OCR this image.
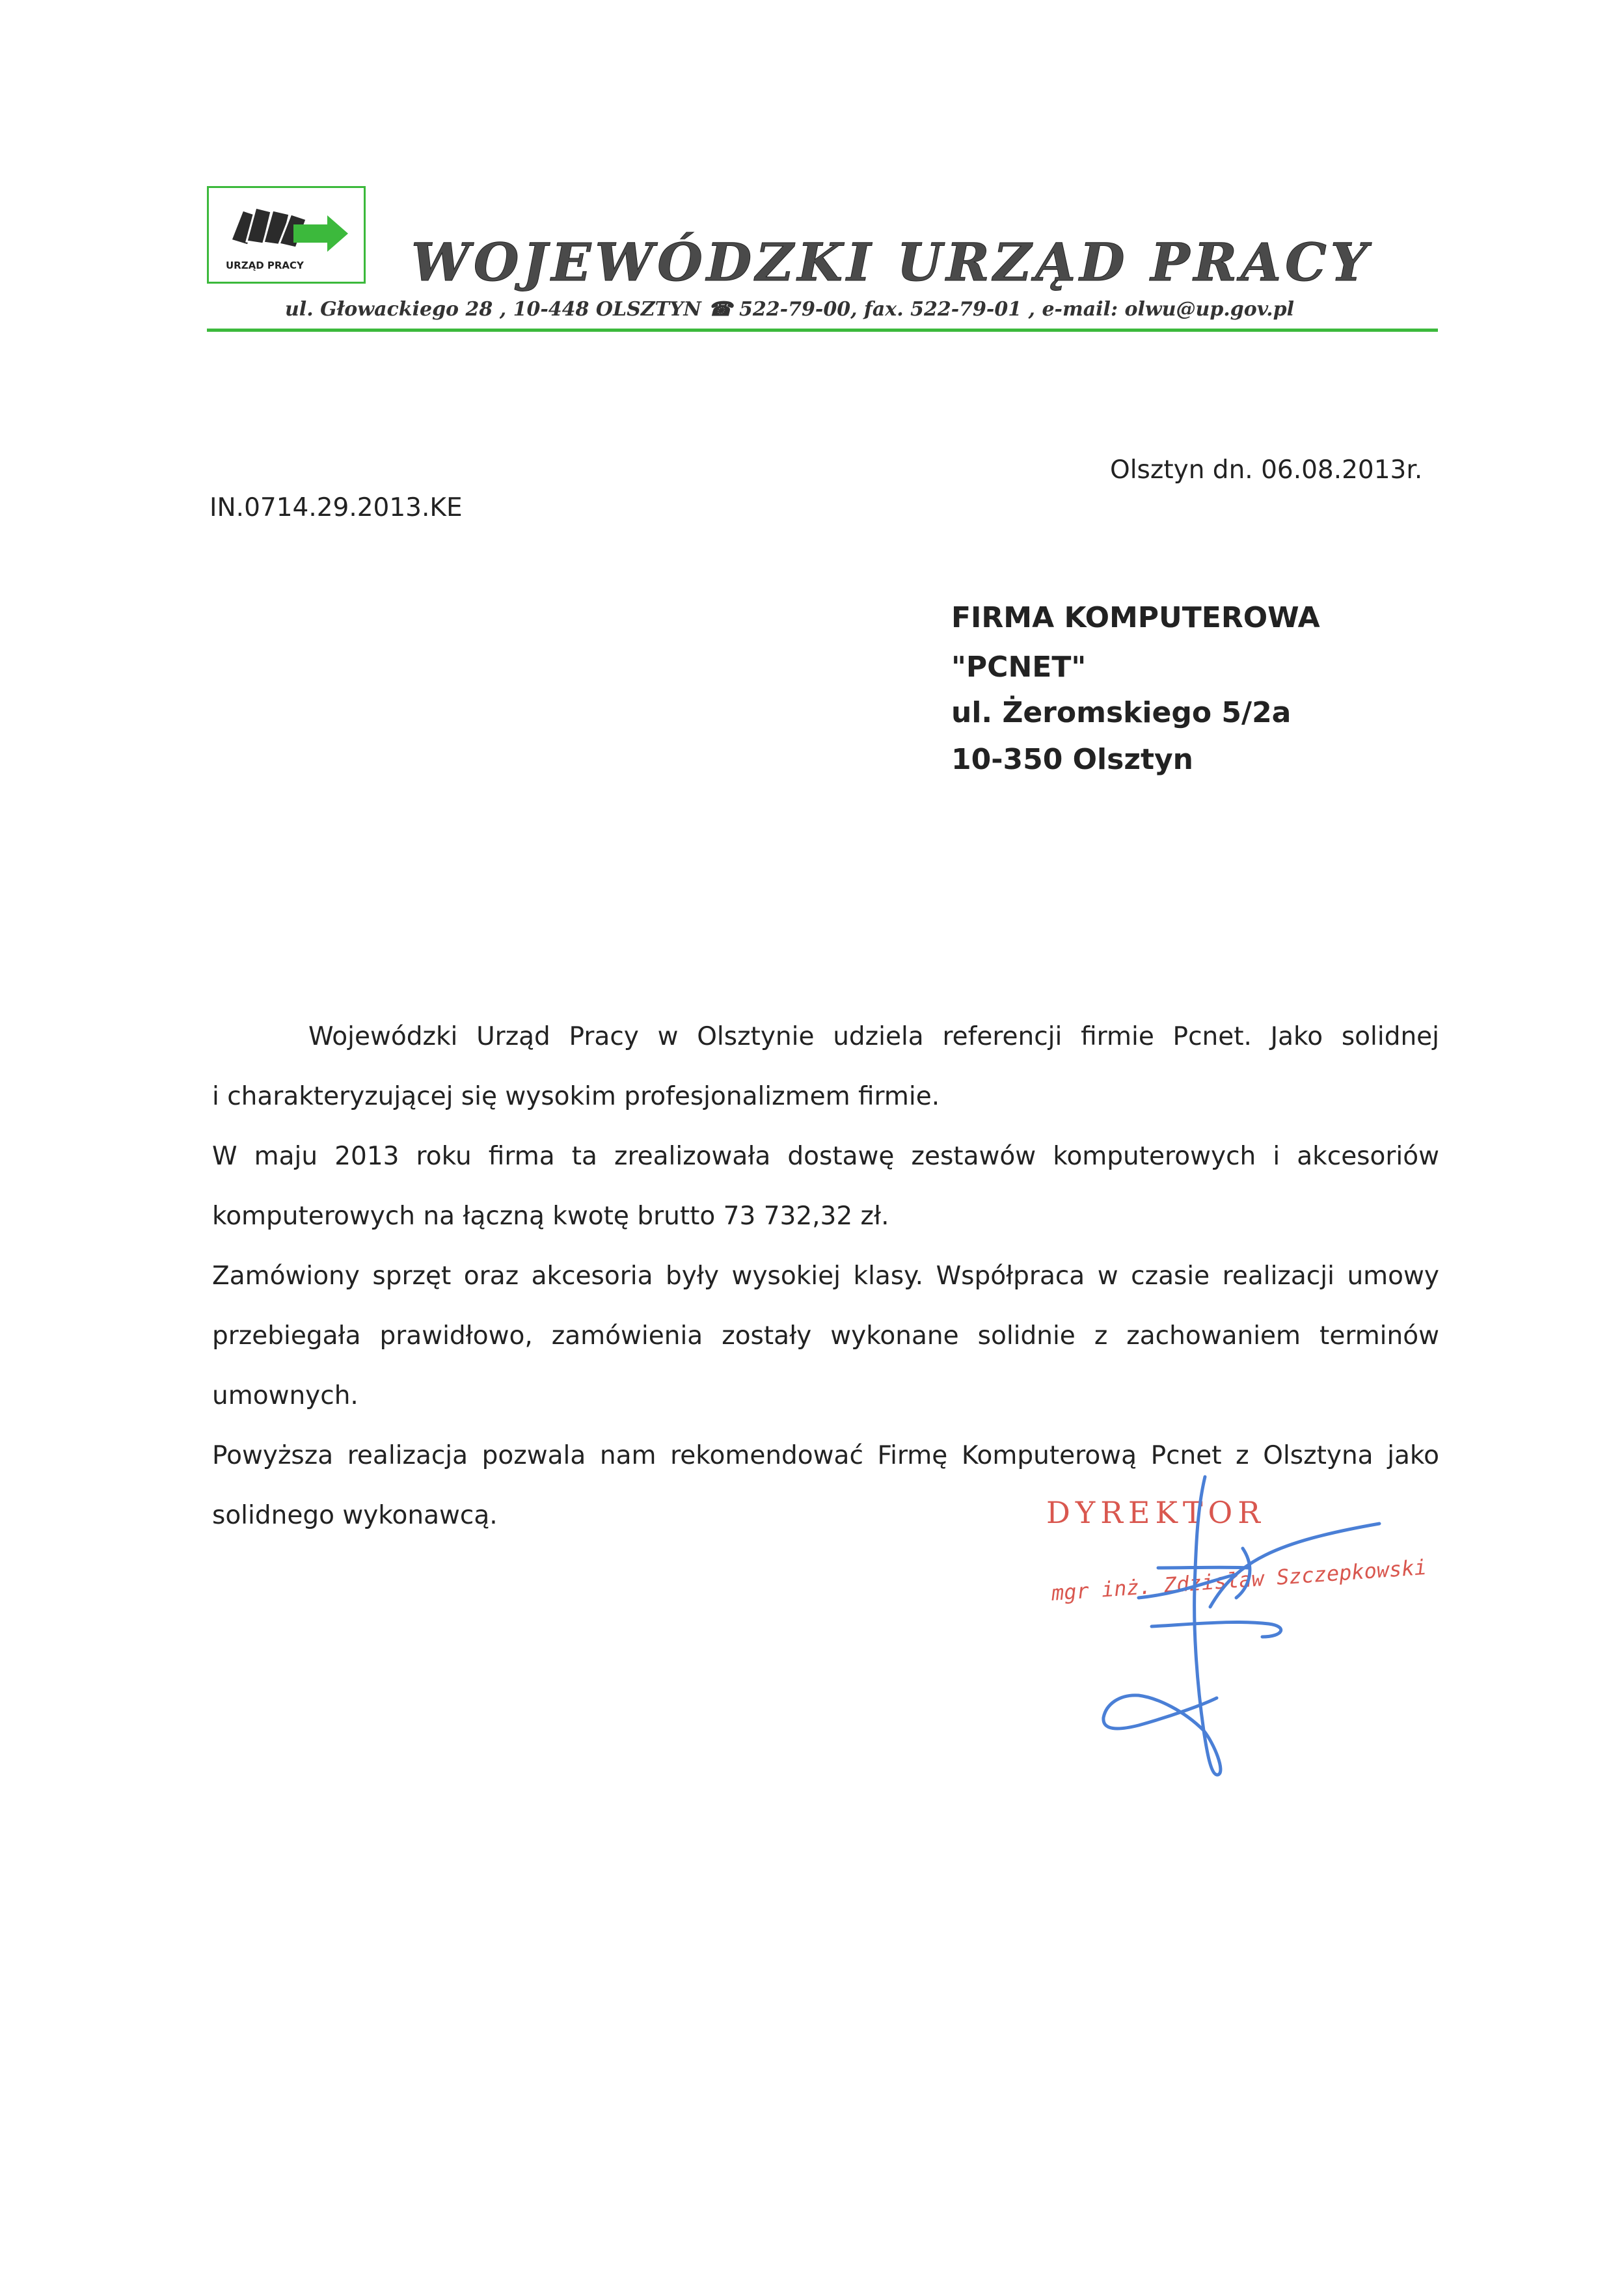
URZĄD PRACY WOJEWÓDZKI URZĄD PRACY
ul. Głowackiego 28 , 10-448 OLSZTYN ☎ 522-79-00, fax. 522-79-01 , e-mail: olwu@up.gov.pl
IN.0714.29.2013.KE
Olsztyn dn. 06.08.2013r.
FIRMA KOMPUTEROWA
"PCNET"
ul. Żeromskiego 5/2a
10-350 Olsztyn
Wojewódzki Urząd Pracy w Olsztynie udziela referencji firmie Pcnet. Jako solidnej
i charakteryzującej się wysokim profesjonalizmem firmie.
W maju 2013 roku firma ta zrealizowała dostawę zestawów komputerowych i akcesoriów
komputerowych na łączną kwotę brutto 73 732,32 zł.
Zamówiony sprzęt oraz akcesoria były wysokiej klasy. Współpraca w czasie realizacji umowy
przebiegała prawidłowo, zamówienia zostały wykonane solidnie z zachowaniem terminów
umownych.
Powyższa realizacja pozwala nam rekomendować Firmę Komputerową Pcnet z Olsztyna jako
solidnego wykonawcą.	DYREKTOR
mgr inż. Zdzisław Szczepkowski
